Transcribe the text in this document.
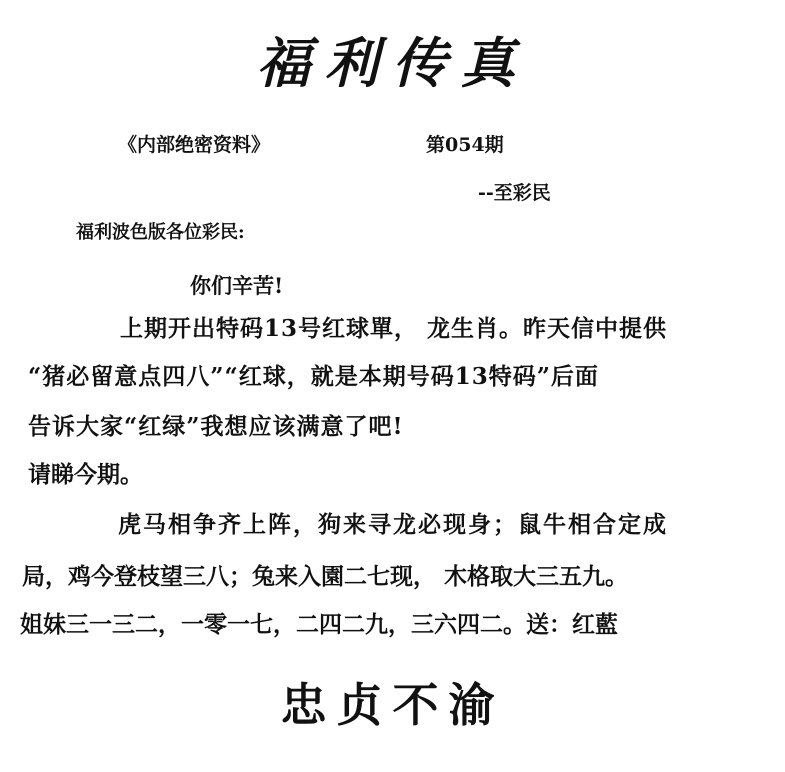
福利传真
《内部绝密资料》	第054期
--至彩民
福利波色版各位彩民:
你们辛苦!
上期开出特码13号红球單， 龙生肖。昨天信中提供
“猪必留意点四八”“红球，就是本期号码13特码”后面
告诉大家“红绿”我想应该满意了吧!
请睇今期。
虎马相争齐上阵，狗来寻龙必现身；鼠牛相合定成
局，鸡今登枝望三八；兔来入園二七现， 木格取大三五九。
姐妹三一三二，一零一七，二四二九，三六四二。送：红藍
忠贞不渝
